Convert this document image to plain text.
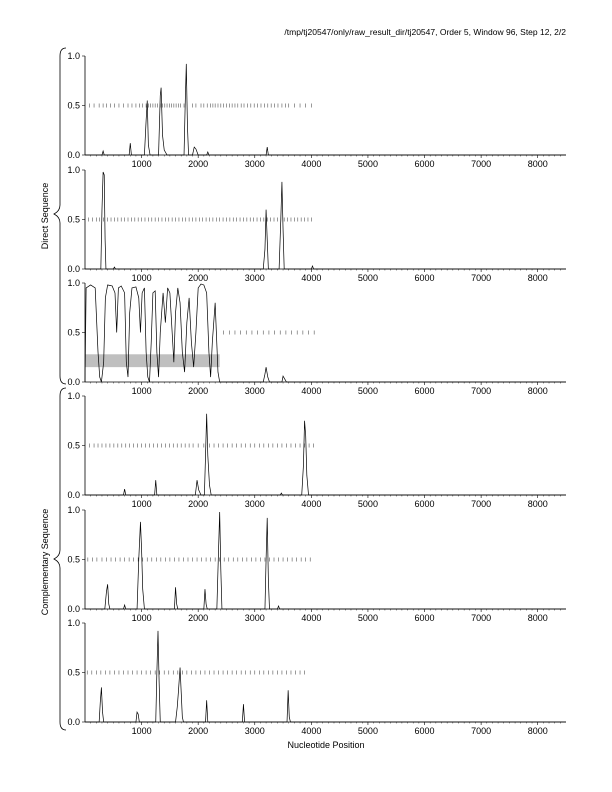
/tmp/tj20547/only/raw_result_dir/tj20547, Order 5, Window 96, Step 12, 2/2
0.0
0.5
1.0
1000	2000	3000	4000	5000	6000	7000	8000
0.0
0.5
1.0
1000	2000	3000	4000	5000	6000	7000	8000
0.0
0.5
1.0
1000	2000	3000	4000	5000	6000	7000	8000
0.0
0.5
1.0
1000	2000	3000	4000	5000	6000	7000	8000
0.0
0.5
1.0
1000	2000	3000	4000	5000	6000	7000	8000
0.0
0.5
1.0
1000	2000	3000	4000	5000	6000	7000	8000
Direct Sequence
Complementary Sequence
Nucleotide Position
